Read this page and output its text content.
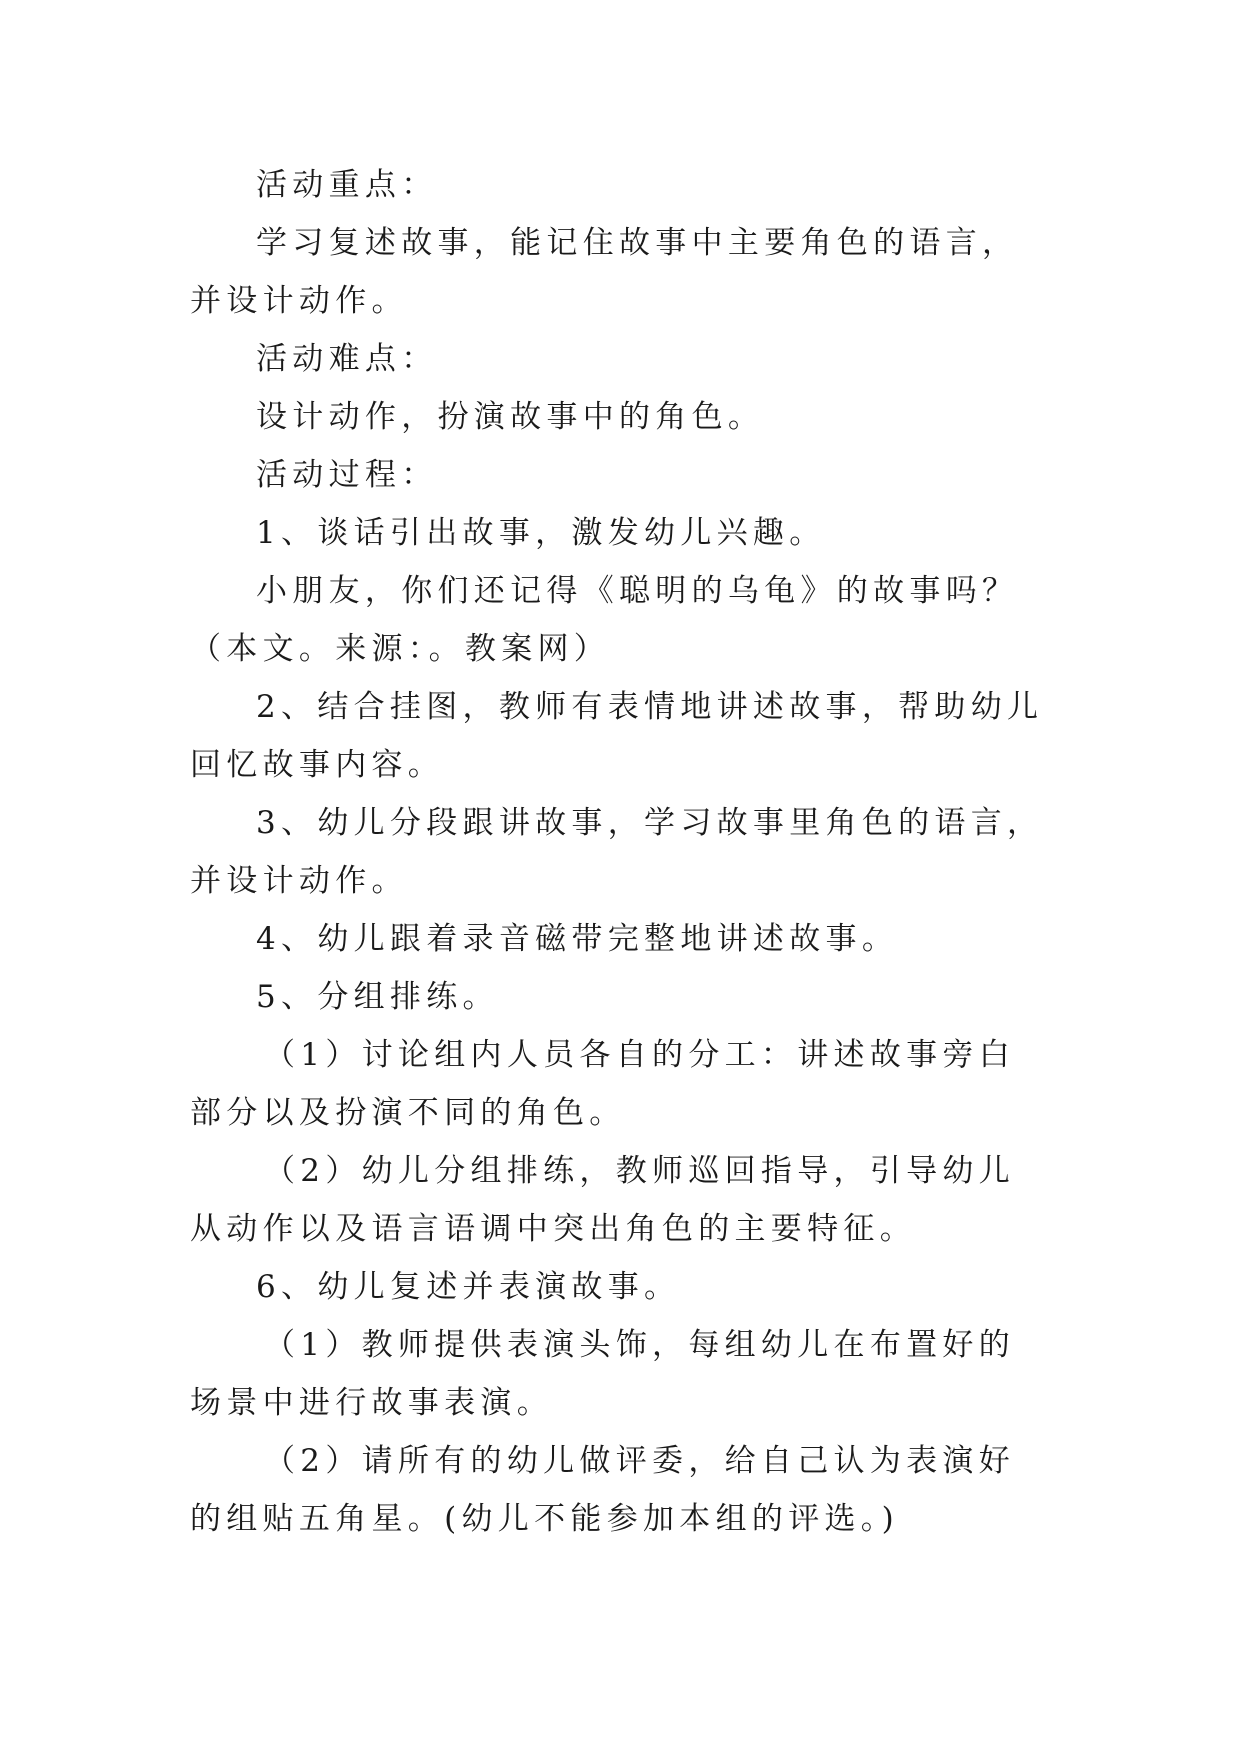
活动重点：

学习复述故事，能记住故事中主要角色的语言，并设计动作。

活动难点：

设计动作，扮演故事中的角色。

活动过程：

1、谈话引出故事，激发幼儿兴趣。

小朋友，你们还记得《聪明的乌龟》的故事吗？（本文。来源：。教案网）

2、结合挂图，教师有表情地讲述故事，帮助幼儿回忆故事内容。

3、幼儿分段跟讲故事，学习故事里角色的语言，并设计动作。

4、幼儿跟着录音磁带完整地讲述故事。

5、分组排练。

（1）讨论组内人员各自的分工：讲述故事旁白部分以及扮演不同的角色。

（2）幼儿分组排练，教师巡回指导，引导幼儿从动作以及语言语调中突出角色的主要特征。

6、幼儿复述并表演故事。

（1）教师提供表演头饰，每组幼儿在布置好的场景中进行故事表演。

（2）请所有的幼儿做评委，给自己认为表演好的组贴五角星。(幼儿不能参加本组的评选。)
